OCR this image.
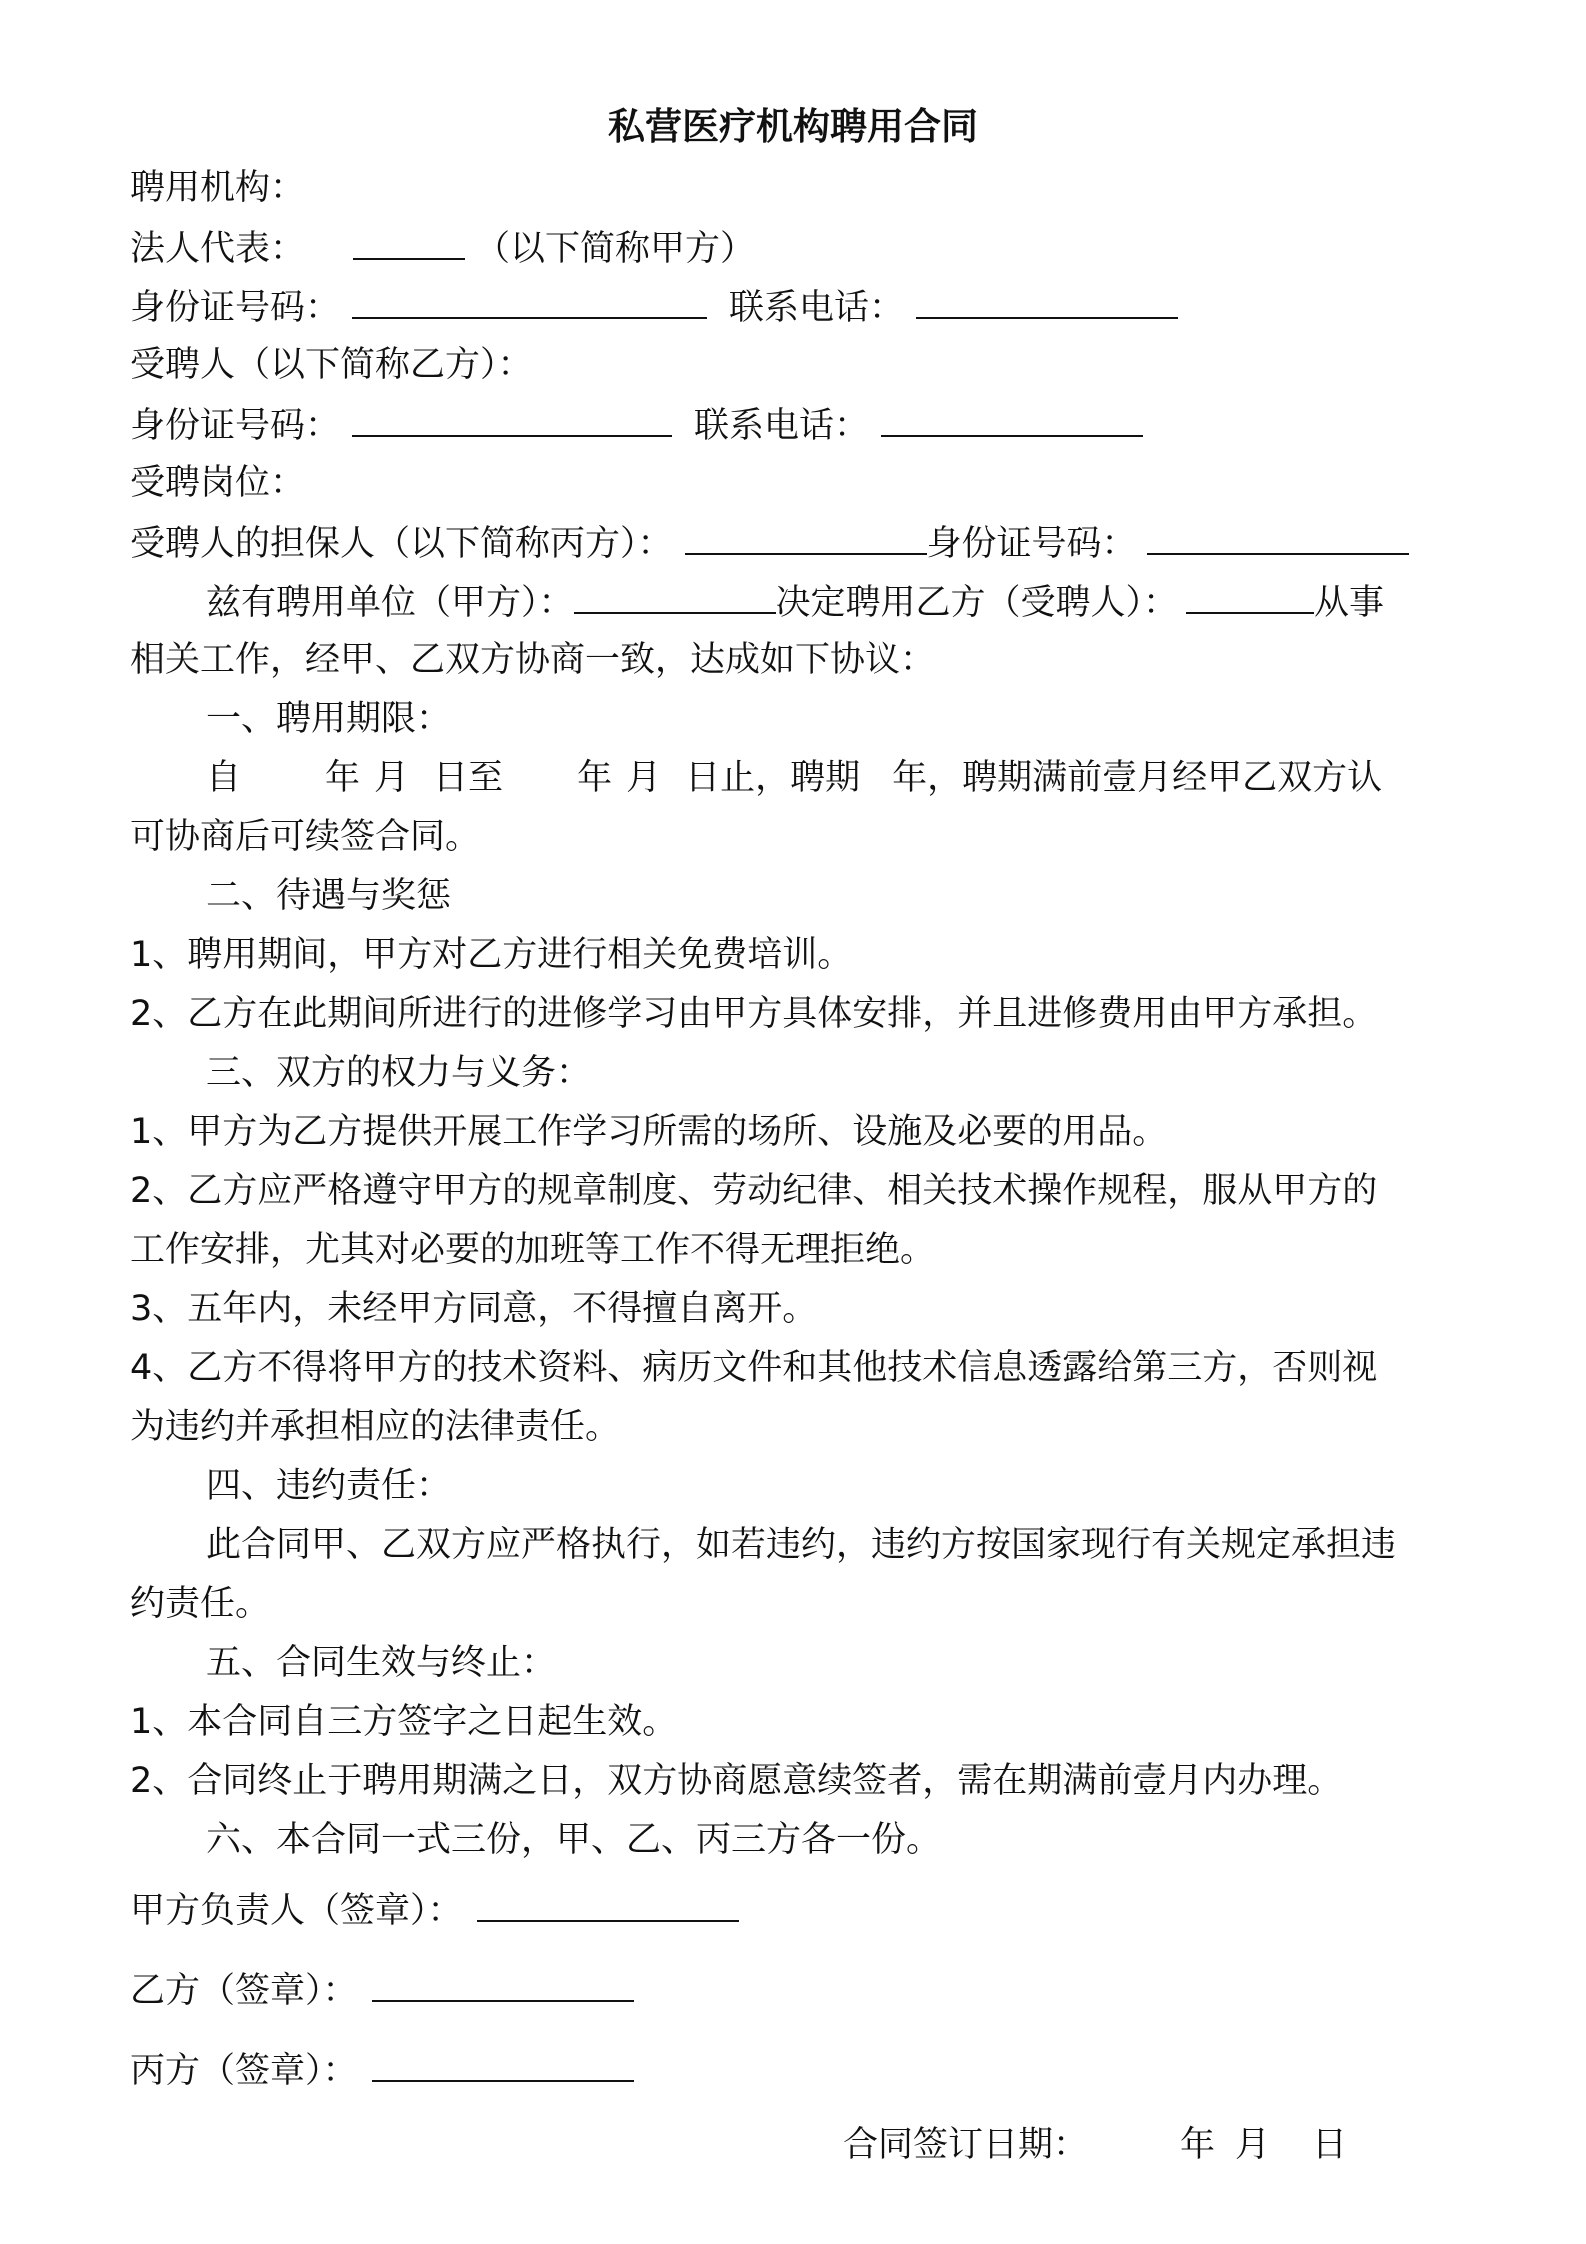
私营医疗机构聘用合同
聘用机构：
法人代表：	（以下简称甲方）
身份证号码：	联系电话：
受聘人（以下简称乙方）：
身份证号码：	联系电话：
受聘岗位：
受聘人的担保人（以下简称丙方）：	身份证号码：
兹有聘用单位（甲方）：	决定聘用乙方（受聘人）：	从事
相关工作，经甲、乙双方协商一致，达成如下协议：
一、聘用期限：
自 年 月 日至 年 月 日止，聘期 年，聘期满前壹月经甲乙双方认
可协商后可续签合同。
二、待遇与奖惩
1、聘用期间，甲方对乙方进行相关免费培训。
2、乙方在此期间所进行的进修学习由甲方具体安排，并且进修费用由甲方承担。
三、双方的权力与义务：
1、甲方为乙方提供开展工作学习所需的场所、设施及必要的用品。
2、乙方应严格遵守甲方的规章制度、劳动纪律、相关技术操作规程，服从甲方的
工作安排，尤其对必要的加班等工作不得无理拒绝。
3、五年内，未经甲方同意，不得擅自离开。
4、乙方不得将甲方的技术资料、病历文件和其他技术信息透露给第三方，否则视
为违约并承担相应的法律责任。
四、违约责任：
此合同甲、乙双方应严格执行，如若违约，违约方按国家现行有关规定承担违
约责任。
五、合同生效与终止：
1、本合同自三方签字之日起生效。
2、合同终止于聘用期满之日，双方协商愿意续签者，需在期满前壹月内办理。
六、本合同一式三份，甲、乙、丙三方各一份。
甲方负责人（签章）：
乙方（签章）：
丙方（签章）：
合同签订日期：	年 月 日
